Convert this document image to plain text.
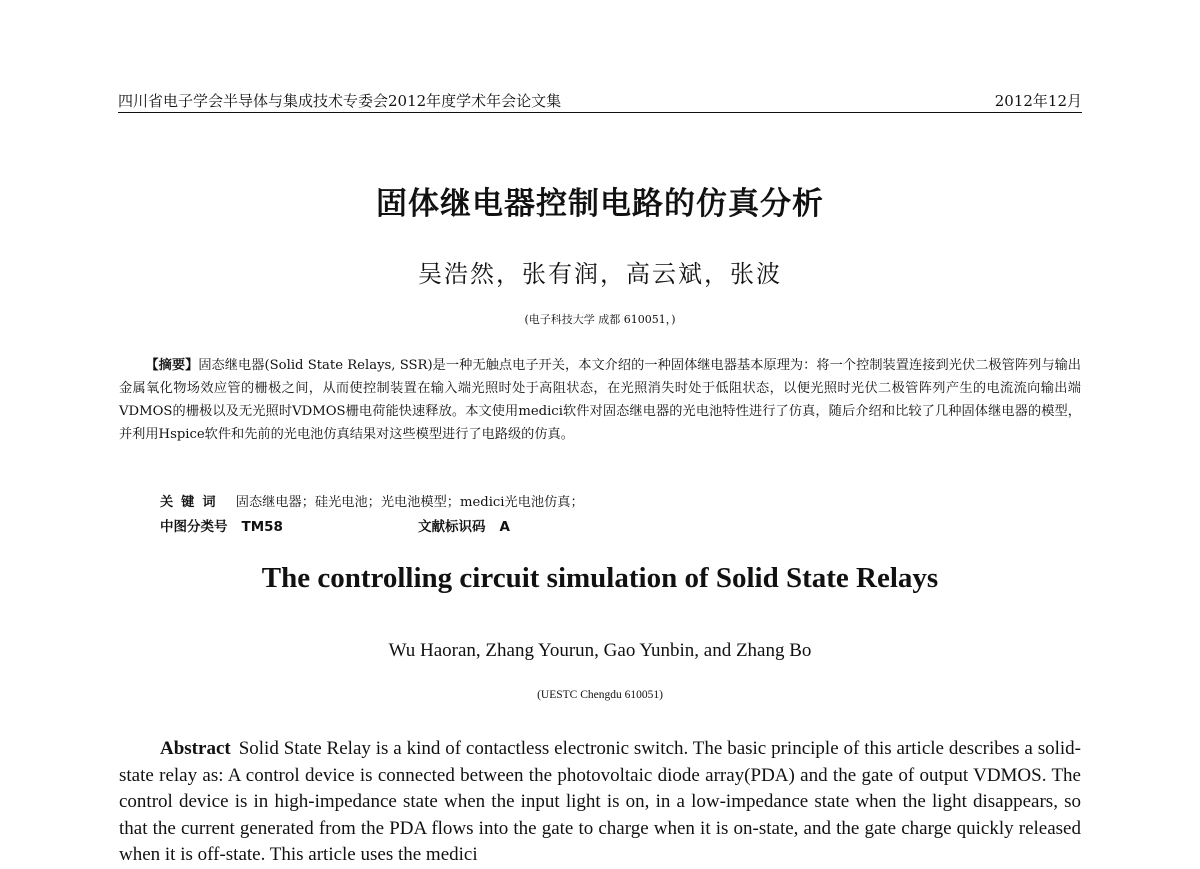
四川省电子学会半导体与集成技术专委会2012年度学术年会论文集	2012年12月
固体继电器控制电路的仿真分析
吴浩然，张有润，高云斌，张波
(电子科技大学 成都 610051，)
【摘要】固态继电器(Solid State Relays, SSR)是一种无触点电子开关，本文介绍的一种固体继电器基本原理为：将一个控制装置连接到光伏二极管阵列与输出金属氧化物场效应管的栅极之间，从而使控制装置在输入端光照时处于高阻状态，在光照消失时处于低阻状态，以便光照时光伏二极管阵列产生的电流流向输出端VDMOS的栅极以及无光照时VDMOS栅电荷能快速释放。本文使用medici软件对固态继电器的光电池特性进行了仿真，随后介绍和比较了几种固体继电器的模型，并利用Hspice软件和先前的光电池仿真结果对这些模型进行了电路级的仿真。
关键词 固态继电器；硅光电池；光电池模型；medici光电池仿真；
中图分类号 TM58	文献标识码 A
The controlling circuit simulation of Solid State Relays
Wu Haoran, Zhang Yourun, Gao Yunbin, and Zhang Bo
(UESTC Chengdu 610051)
Abstract Solid State Relay is a kind of contactless electronic switch. The basic principle of this article describes a solid-state relay as: A control device is connected between the photovoltaic diode array(PDA) and the gate of output VDMOS. The control device is in high-impedance state when the input light is on, in a low-impedance state when the light disappears, so that the current generated from the PDA flows into the gate to charge when it is on-state, and the gate charge quickly released when it is off-state. This article uses the medici
